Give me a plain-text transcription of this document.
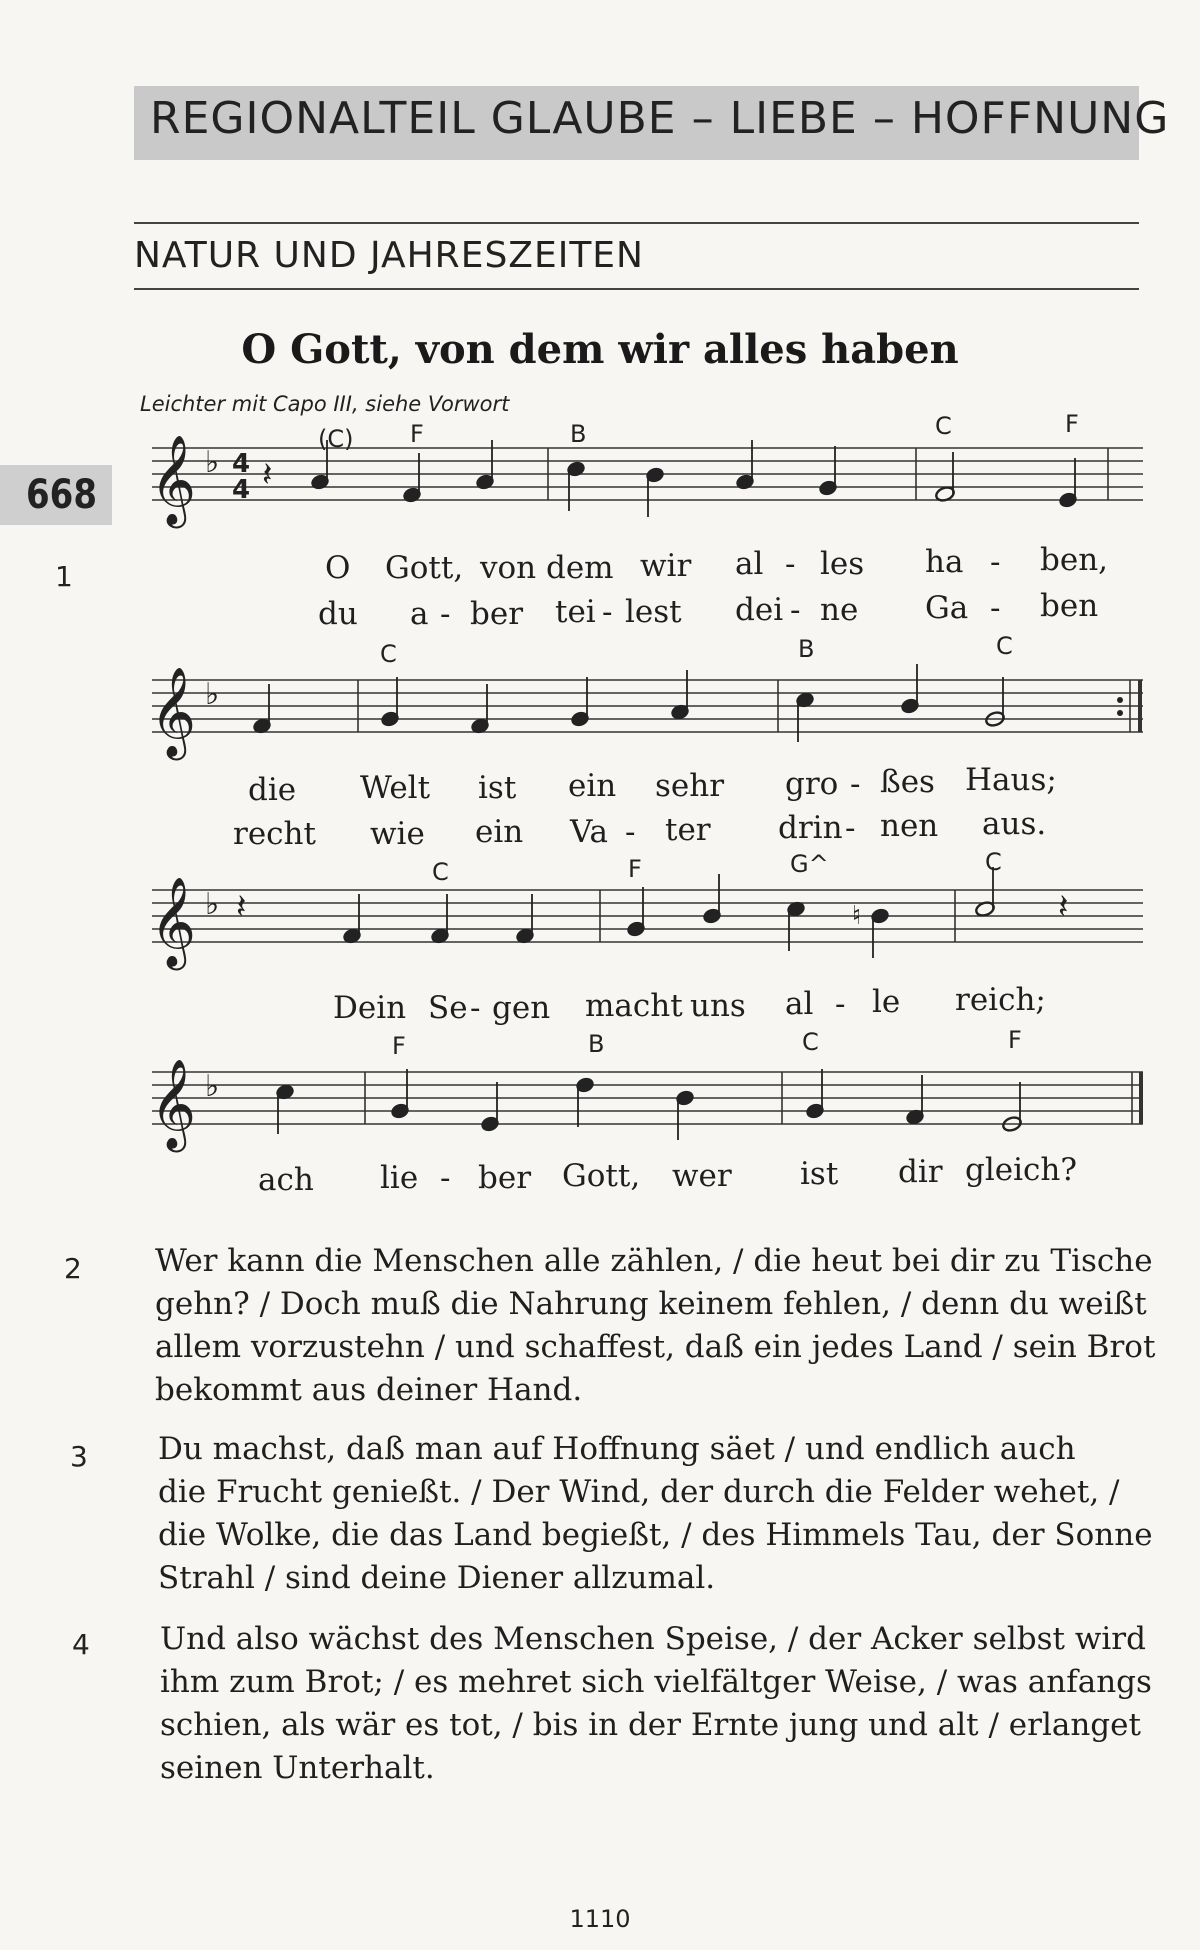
REGIONALTEIL GLAUBE – LIEBE – HOFFNUNG
NATUR UND JAHRESZEITEN
O Gott, von dem wir alles haben
Leichter mit Capo III, siehe Vorwort
668
1
𝄞
𝄞
𝄞
𝄞
♭
♭
♭
♭
4
4 𝄽
𝄽	𝄽
♮
(C) F	B	C	F
O Gott, von dem wir al - les ha - ben,
du a - ber tei - lest dei - ne Ga - ben
C	B	C
die Welt ist ein sehr gro - ßes Haus;
recht wie ein Va - ter drin - nen aus.
C	F	G^	C
Dein Se - gen macht uns al - le reich;
F	B	C	F
ach lie - ber Gott, wer ist dir gleich?
2 Wer kann die Menschen alle zählen, / die heut bei dir zu Tische
gehn? / Doch muß die Nahrung keinem fehlen, / denn du weißt
allem vorzustehn / und schaffest, daß ein jedes Land / sein Brot
bekommt aus deiner Hand.
3 Du machst, daß man auf Hoffnung säet / und endlich auch
die Frucht genießt. / Der Wind, der durch die Felder wehet, /
die Wolke, die das Land begießt, / des Himmels Tau, der Sonne
Strahl / sind deine Diener allzumal.
4 Und also wächst des Menschen Speise, / der Acker selbst wird
ihm zum Brot; / es mehret sich vielfältger Weise, / was anfangs
schien, als wär es tot, / bis in der Ernte jung und alt / erlanget
seinen Unterhalt.
1110
